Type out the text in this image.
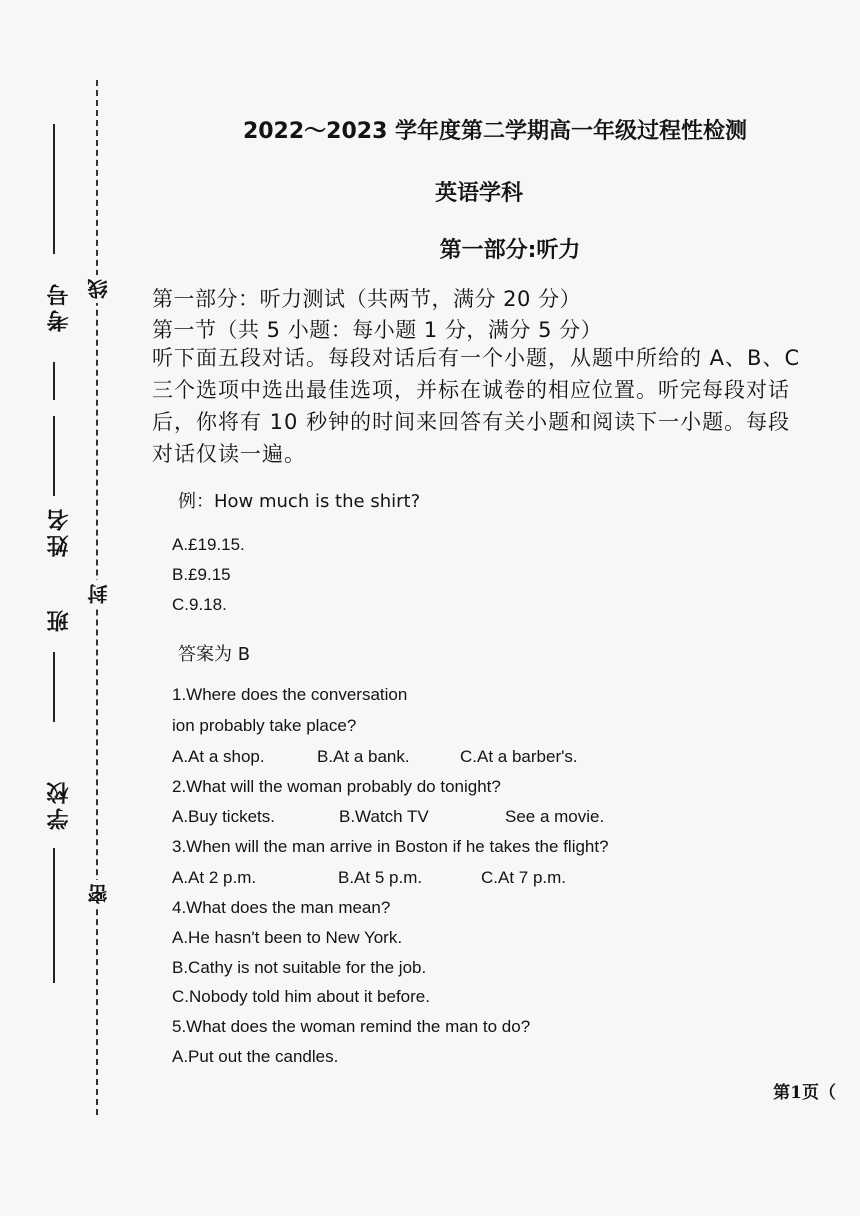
考号
姓名
班
学校
线
封
密
2022～2023 学年度第二学期高一年级过程性检测
英语学科
第一部分:听力
第一部分：听力测试（共两节，满分 20 分）
第一节（共 5 小题：每小题 1 分，满分 5 分）
听下面五段对话。每段对话后有一个小题，从题中所给的 A、B、C 三个选项中选出最佳选项，并标在诚卷的相应位置。听完每段对话后，你将有 10 秒钟的时间来回答有关小题和阅读下一小题。每段对话仅读一遍。
例：How much is the shirt?
A.£19.15.
B.£9.15
C.9.18.
答案为 B
1.Where does the conversation
ion probably take place?
A.At a shop.	B.At a bank.	C.At a barber's.
2.What will the woman probably do tonight?
A.Buy tickets.	B.Watch TV	See a movie.
3.When will the man arrive in Boston if he takes the flight?
A.At 2 p.m.	B.At 5 p.m.	C.At 7 p.m.
4.What does the man mean?
A.He hasn't been to New York.
B.Cathy is not suitable for the job.
C.Nobody told him about it before.
5.What does the woman remind the man to do?
A.Put out the candles.
第1页（
